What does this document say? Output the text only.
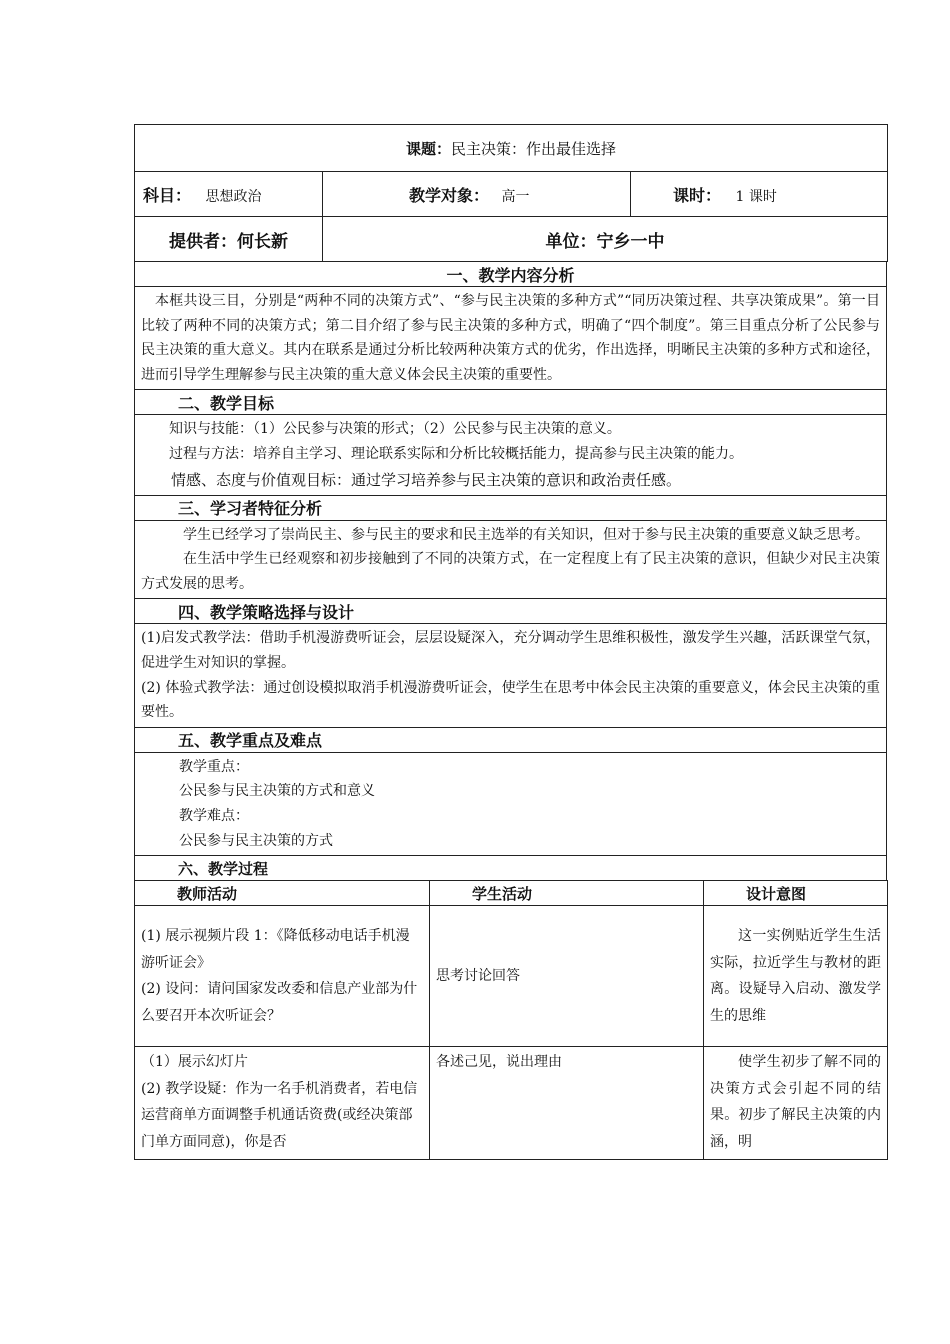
课题：民主决策：作出最佳选择
科目： 思想政治	教学对象： 高一	课时： 1 课时
提供者：何长新	单位：宁乡一中
一、教学内容分析
本框共设三目，分别是“两种不同的决策方式”、“参与民主决策的多种方式”“同历决策过程、共享决策成果”。第一目比较了两种不同的决策方式；第二目介绍了参与民主决策的多种方式，明确了“四个制度”。第三目重点分析了公民参与民主决策的重大意义。其内在联系是通过分析比较两种决策方式的优劣，作出选择，明晰民主决策的多种方式和途径，进而引导学生理解参与民主决策的重大意义体会民主决策的重要性。
二、教学目标

知识与技能：（1）公民参与决策的形式；（2）公民参与民主决策的意义。
过程与方法：培养自主学习、理论联系实际和分析比较概括能力，提高参与民主决策的能力。
情感、态度与价值观目标：通过学习培养参与民主决策的意识和政治责任感。

三、学习者特征分析

学生已经学习了崇尚民主、参与民主的要求和民主选举的有关知识，但对于参与民主决策的重要意义缺乏思考。
在生活中学生已经观察和初步接触到了不同的决策方式，在一定程度上有了民主决策的意识，但缺少对民主决策方式发展的思考。

四、教学策略选择与设计

(1)启发式教学法：借助手机漫游费听证会，层层设疑深入，充分调动学生思维积极性，激发学生兴趣，活跃课堂气氛，促进学生对知识的掌握。
(2) 体验式教学法：通过创设模拟取消手机漫游费听证会，使学生在思考中体会民主决策的重要意义，体会民主决策的重要性。

五、教学重点及难点

教学重点：
公民参与民主决策的方式和意义
教学难点：
公民参与民主决策的方式

六、教学过程
教师活动	学生活动	设计意图
(1) 展示视频片段 1：《降低移动电话手机漫游听证会》
(2) 设问：请问国家发改委和信息产业部为什么要召开本次听证会？	思考讨论回答	这一实例贴近学生生活实际，拉近学生与教材的距离。设疑导入启动、激发学生的思维
（1）展示幻灯片
(2) 教学设疑：作为一名手机消费者，若电信运营商单方面调整手机通话资费(或经决策部门单方面同意)，你是否	各述己见，说出理由	使学生初步了解不同的决策方式会引起不同的结果。初步了解民主决策的内涵，明
